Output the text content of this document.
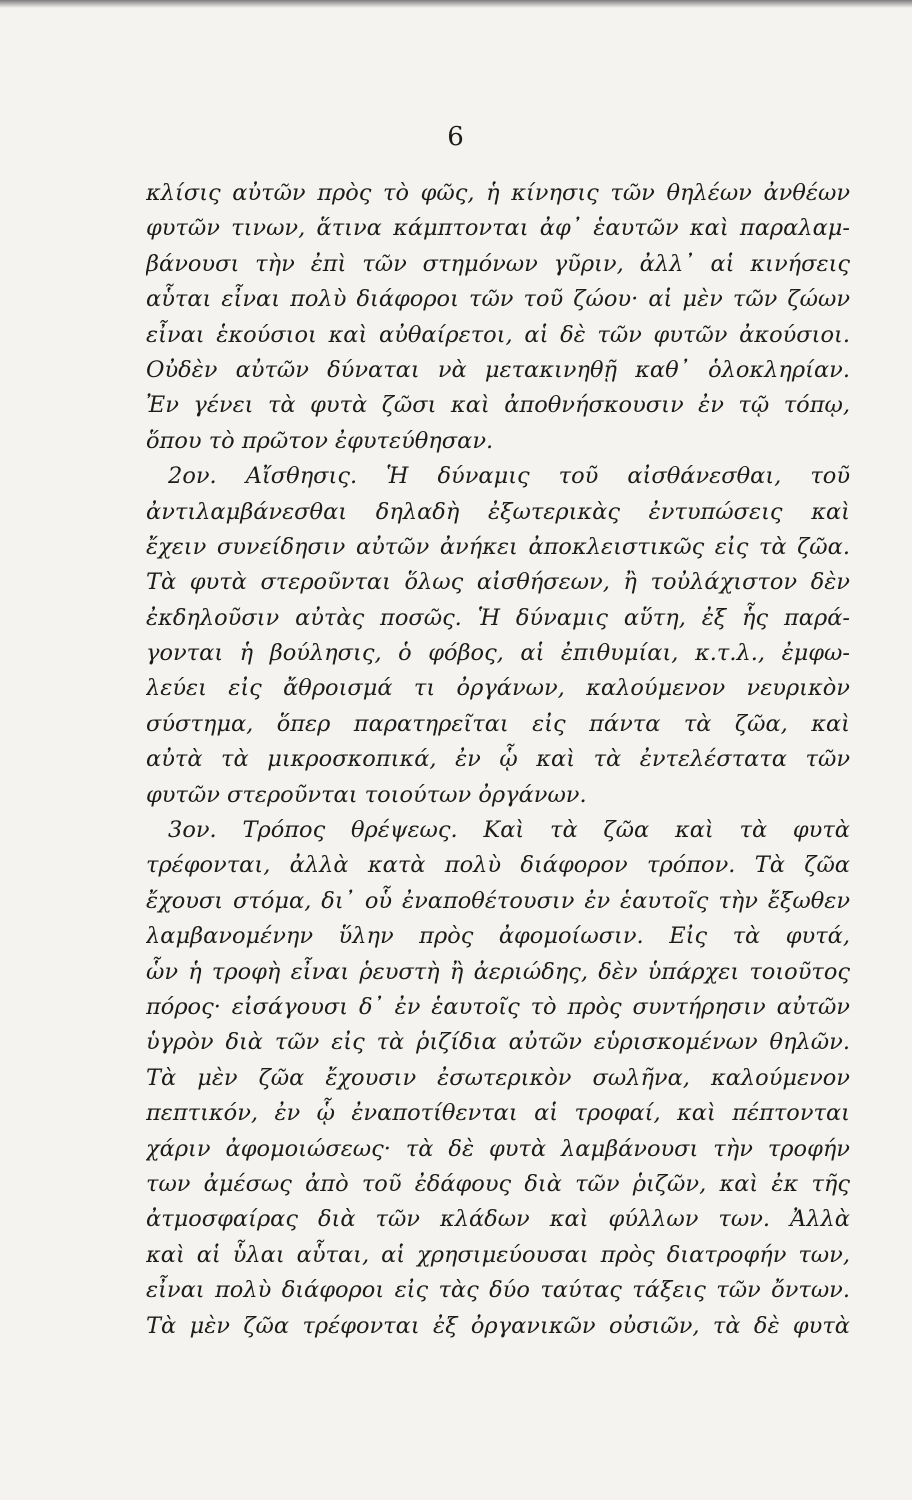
6
κλίσις αὐτῶν πρὸς τὸ φῶς, ἡ κίνησις τῶν θηλέων ἀνθέων
φυτῶν τινων, ἅτινα κάμπτονται ἀφ᾽ ἑαυτῶν καὶ παραλαμ-
βάνουσι τὴν ἐπὶ τῶν στημόνων γῦριν, ἀλλ᾽ αἱ κινήσεις
αὗται εἶναι πολὺ διάφοροι τῶν τοῦ ζώου· αἱ μὲν τῶν ζώων
εἶναι ἑκούσιοι καὶ αὐθαίρετοι, αἱ δὲ τῶν φυτῶν ἀκούσιοι.
Οὐδὲν αὐτῶν δύναται νὰ μετακινηθῇ καθ᾽ ὁλοκληρίαν.
Ἐν γένει τὰ φυτὰ ζῶσι καὶ ἀποθνήσκουσιν ἐν τῷ τόπῳ,
ὅπου τὸ πρῶτον ἐφυτεύθησαν.
2ον. Αἴσθησις. Ἡ δύναμις τοῦ αἰσθάνεσθαι, τοῦ
ἀντιλαμβάνεσθαι δηλαδὴ ἐξωτερικὰς ἐντυπώσεις καὶ
ἔχειν συνείδησιν αὐτῶν ἀνήκει ἀποκλειστικῶς εἰς τὰ ζῶα.
Τὰ φυτὰ στεροῦνται ὅλως αἰσθήσεων, ἢ τοὐλάχιστον δὲν
ἐκδηλοῦσιν αὐτὰς ποσῶς. Ἡ δύναμις αὕτη, ἐξ ἧς παρά-
γονται ἡ βούλησις, ὁ φόβος, αἱ ἐπιθυμίαι, κ.τ.λ., ἐμφω-
λεύει εἰς ἄθροισμά τι ὀργάνων, καλούμενον νευρικὸν
σύστημα, ὅπερ παρατηρεῖται εἰς πάντα τὰ ζῶα, καὶ
αὐτὰ τὰ μικροσκοπικά, ἐν ᾧ καὶ τὰ ἐντελέστατα τῶν
φυτῶν στεροῦνται τοιούτων ὀργάνων.
3ον. Τρόπος θρέψεως. Καὶ τὰ ζῶα καὶ τὰ φυτὰ
τρέφονται, ἀλλὰ κατὰ πολὺ διάφορον τρόπον. Τὰ ζῶα
ἔχουσι στόμα, δι᾽ οὗ ἐναποθέτουσιν ἐν ἑαυτοῖς τὴν ἔξωθεν
λαμβανομένην ὕλην πρὸς ἀφομοίωσιν. Εἰς τὰ φυτά,
ὧν ἡ τροφὴ εἶναι ῥευστὴ ἢ ἀεριώδης, δὲν ὑπάρχει τοιοῦτος
πόρος· εἰσάγουσι δ᾽ ἐν ἑαυτοῖς τὸ πρὸς συντήρησιν αὐτῶν
ὑγρὸν διὰ τῶν εἰς τὰ ῥιζίδια αὐτῶν εὑρισκομένων θηλῶν.
Τὰ μὲν ζῶα ἔχουσιν ἐσωτερικὸν σωλῆνα, καλούμενον
πεπτικόν, ἐν ᾧ ἐναποτίθενται αἱ τροφαί, καὶ πέπτονται
χάριν ἀφομοιώσεως· τὰ δὲ φυτὰ λαμβάνουσι τὴν τροφήν
των ἀμέσως ἀπὸ τοῦ ἐδάφους διὰ τῶν ῥιζῶν, καὶ ἐκ τῆς
ἀτμοσφαίρας διὰ τῶν κλάδων καὶ φύλλων των. Ἀλλὰ
καὶ αἱ ὗλαι αὗται, αἱ χρησιμεύουσαι πρὸς διατροφήν των,
εἶναι πολὺ διάφοροι εἰς τὰς δύο ταύτας τάξεις τῶν ὄντων.
Τὰ μὲν ζῶα τρέφονται ἐξ ὀργανικῶν οὐσιῶν, τὰ δὲ φυτὰ
